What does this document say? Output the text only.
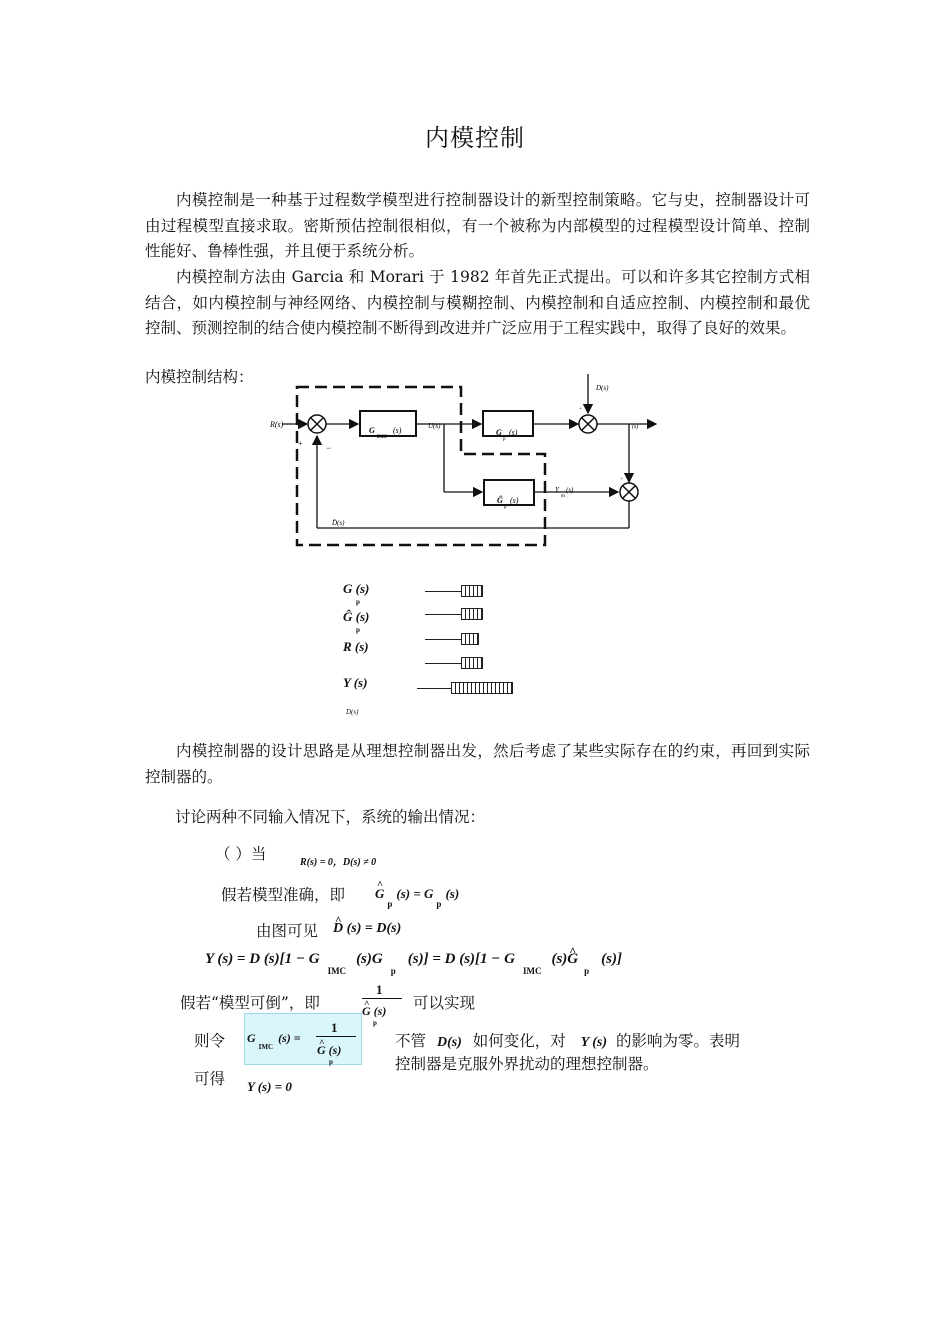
内模控制

内模控制是一种基于过程数学模型进行控制器设计的新型控制策略。它与史，控制器设计可由过程模型直接求取。密斯预估控制很相似，有一个被称为内部模型的过程模型设计简单、控制性能好、鲁棒性强，并且便于系统分析。

内模控制方法由 Garcia 和 Morari 于 1982 年首先正式提出。可以和许多其它控制方式相结合，如内模控制与神经网络、内模控制与模糊控制、内模控制和自适应控制、内模控制和最优控制、预测控制的结合使内模控制不断得到改进并广泛应用于工程实践中，取得了良好的效果。

内模控制结构：
R(s)
+	−
G
IMC
(s)	U(s)
G
p
(s)
D(s)
+
(s)
+
Ĝ
p
(s)
Y
m
(s)
D̂(s)
G (s)
p
Ĝ (s)
p
R (s)
Y (s)
D(s)

内模控制器的设计思路是从理想控制器出发，然后考虑了某些实际存在的约束，再回到实际控制器的。

讨论两种不同输入情况下，系统的输出情况：
（ ）当	R(s) = 0，D(s) ≠ 0
假若模型准确，即 ^ $G_p(s) = G_p(s)$
由图可见 ^ D (s) = D(s)
Y (s) = D $(s)[1 - G_{IMC}(s)G_p(s)] = D$ $(s)[1 - G_{IMC}(s)\^{}$ $G_p(s)$]
假若“模型可倒”，即
1
^ G (s)
p
可以实现
则令 $G_{IMC}(s)$ =
1
^ G (s)
p
不管 D(s) 如何变化，对 Y (s) 的影响为零。表明
控制器是克服外界扰动的理想控制器。
可得 Y (s) = 0
